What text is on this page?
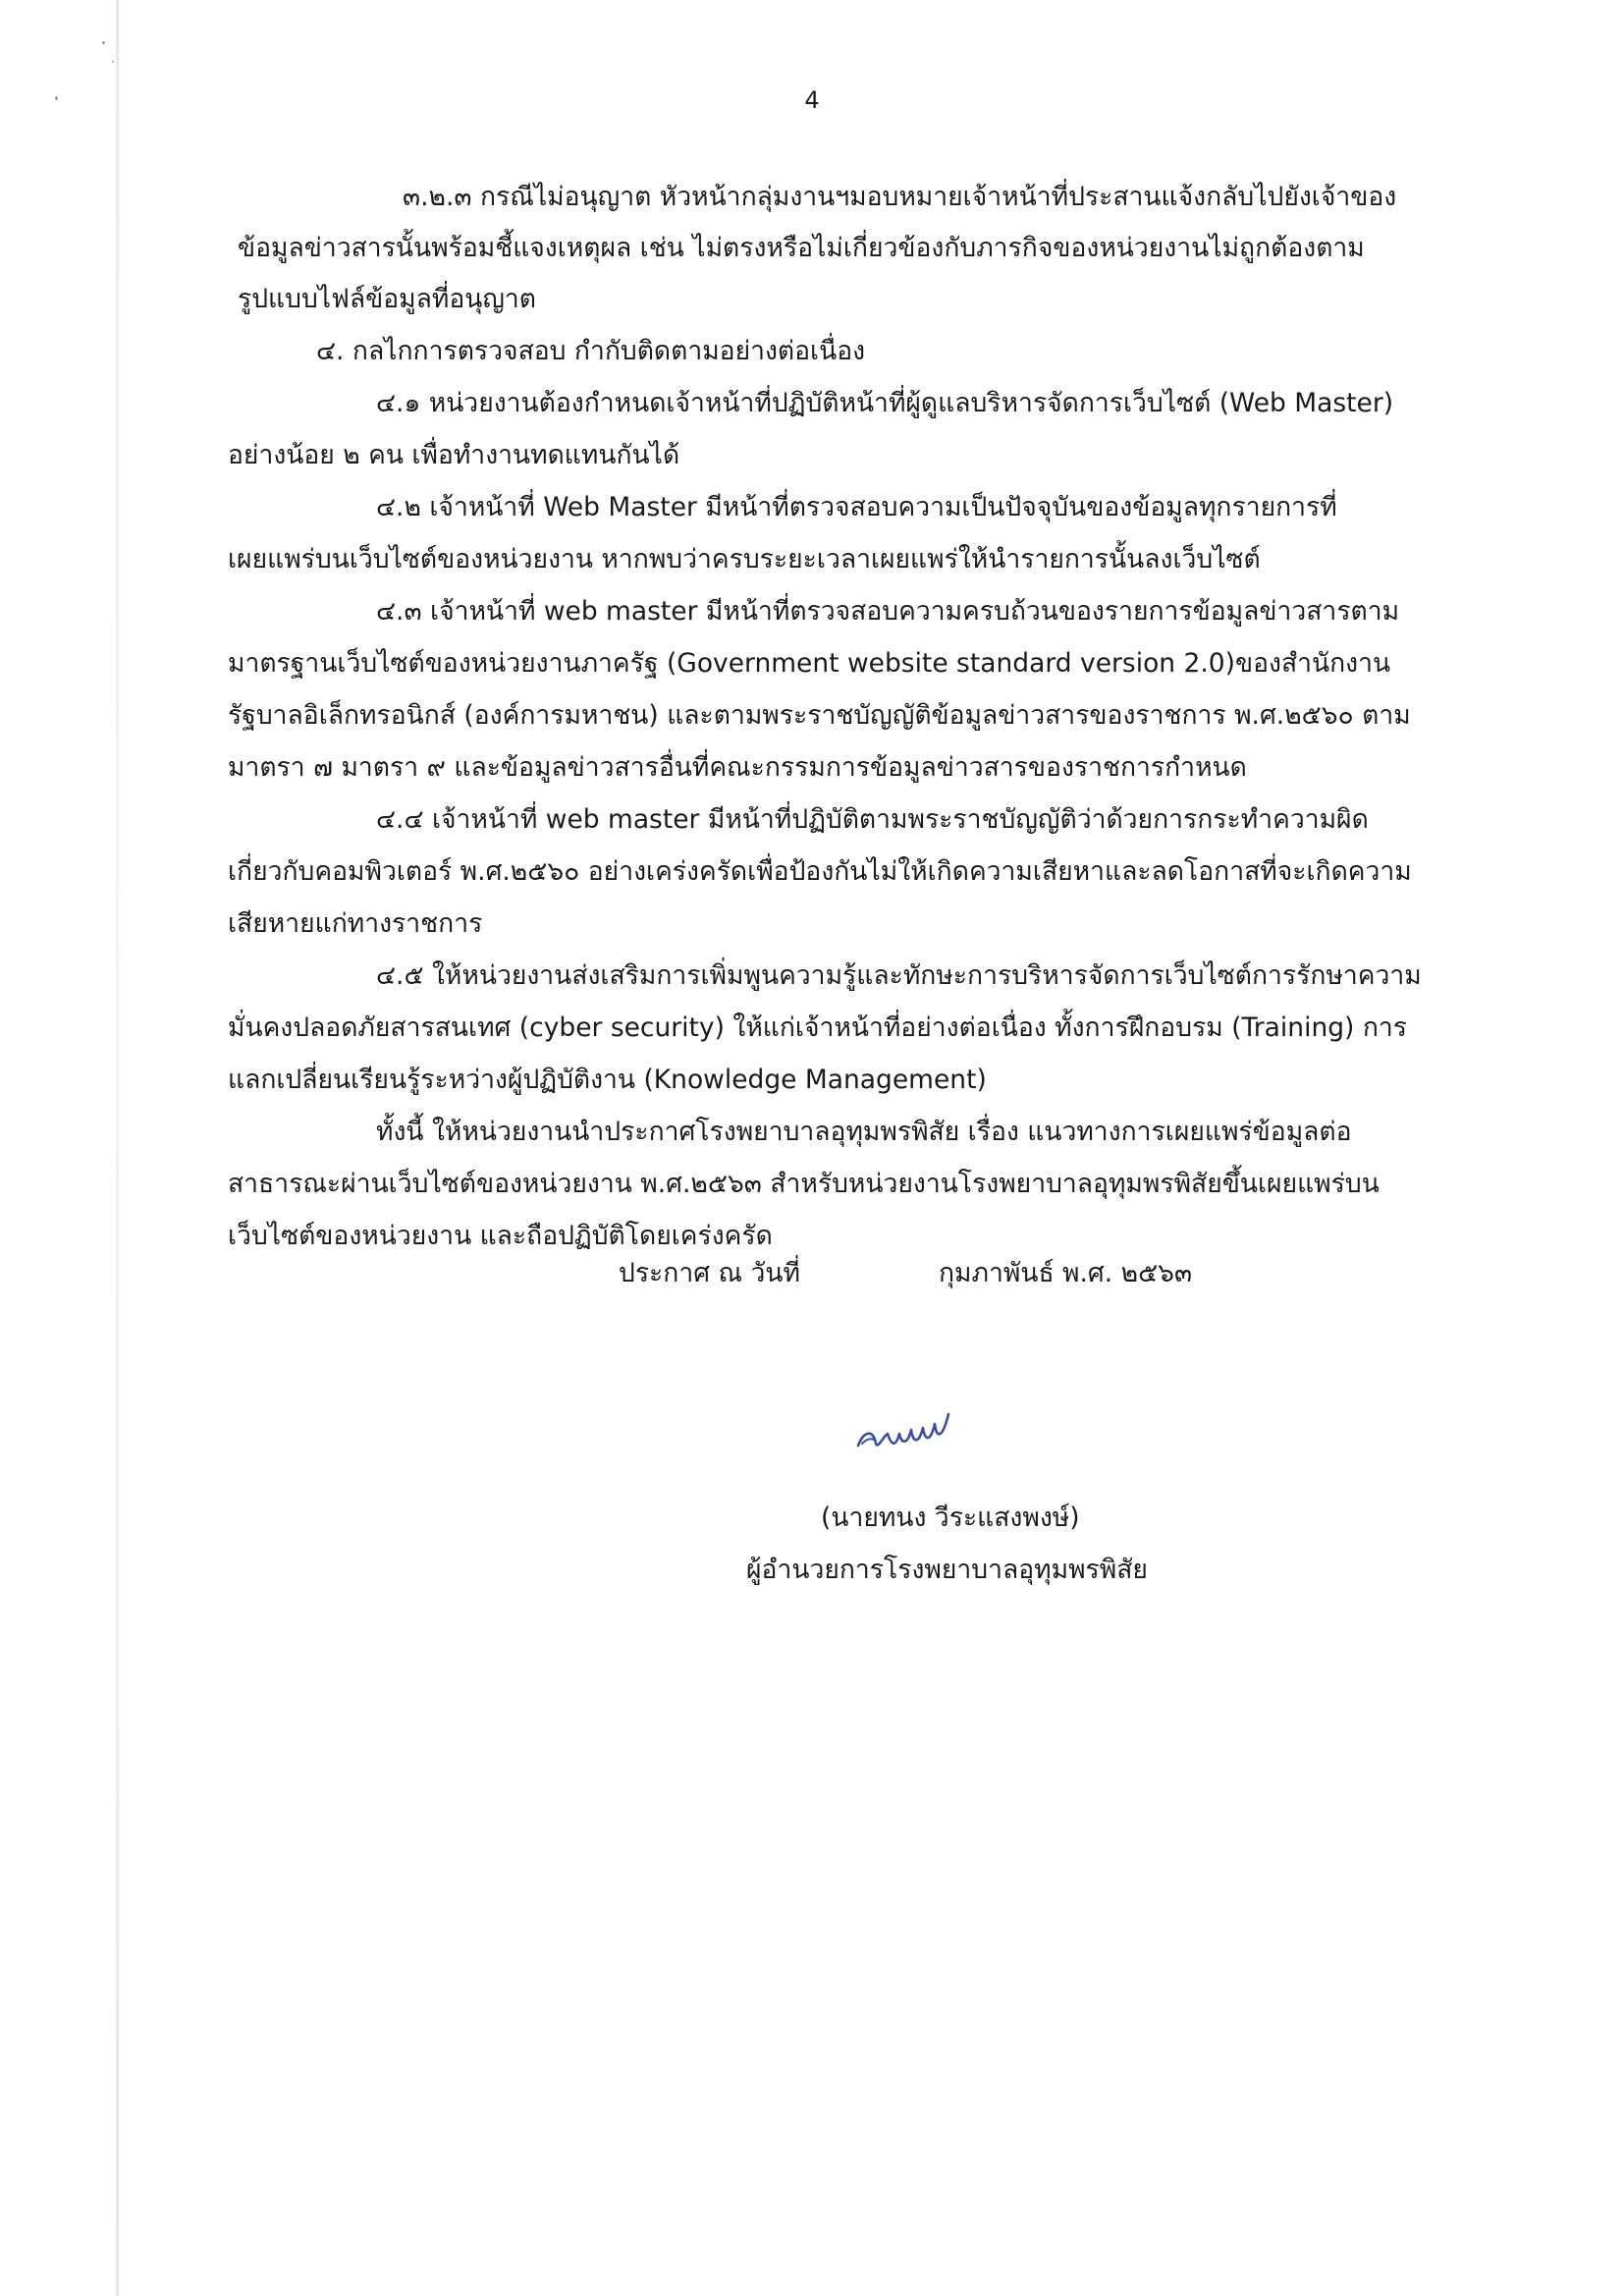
4
๓.๒.๓ กรณีไม่อนุญาต หัวหน้ากลุ่มงานฯมอบหมายเจ้าหน้าที่ประสานแจ้งกลับไปยังเจ้าของ
ข้อมูลข่าวสารนั้นพร้อมชี้แจงเหตุผล เช่น ไม่ตรงหรือไม่เกี่ยวข้องกับภารกิจของหน่วยงานไม่ถูกต้องตาม
รูปแบบไฟล์ข้อมูลที่อนุญาต
๔. กลไกการตรวจสอบ กำกับติดตามอย่างต่อเนื่อง
๔.๑ หน่วยงานต้องกำหนดเจ้าหน้าที่ปฏิบัติหน้าที่ผู้ดูแลบริหารจัดการเว็บไซต์ (Web Master)
อย่างน้อย ๒ คน เพื่อทำงานทดแทนกันได้
๔.๒ เจ้าหน้าที่ Web Master มีหน้าที่ตรวจสอบความเป็นปัจจุบันของข้อมูลทุกรายการที่
เผยแพร่บนเว็บไซต์ของหน่วยงาน หากพบว่าครบระยะเวลาเผยแพร่ให้นำรายการนั้นลงเว็บไซต์
๔.๓ เจ้าหน้าที่ web master มีหน้าที่ตรวจสอบความครบถ้วนของรายการข้อมูลข่าวสารตาม
มาตรฐานเว็บไซต์ของหน่วยงานภาครัฐ (Government website standard version 2.0)ของสำนักงาน
รัฐบาลอิเล็กทรอนิกส์ (องค์การมหาชน) และตามพระราชบัญญัติข้อมูลข่าวสารของราชการ พ.ศ.๒๕๖๐ ตาม
มาตรา ๗ มาตรา ๙ และข้อมูลข่าวสารอื่นที่คณะกรรมการข้อมูลข่าวสารของราชการกำหนด
๔.๔ เจ้าหน้าที่ web master มีหน้าที่ปฏิบัติตามพระราชบัญญัติว่าด้วยการกระทำความผิด
เกี่ยวกับคอมพิวเตอร์ พ.ศ.๒๕๖๐ อย่างเคร่งครัดเพื่อป้องกันไม่ให้เกิดความเสียหาและลดโอกาสที่จะเกิดความ
เสียหายแก่ทางราชการ
๔.๕ ให้หน่วยงานส่งเสริมการเพิ่มพูนความรู้และทักษะการบริหารจัดการเว็บไซต์การรักษาความ
มั่นคงปลอดภัยสารสนเทศ (cyber security) ให้แก่เจ้าหน้าที่อย่างต่อเนื่อง ทั้งการฝึกอบรม (Training) การ
แลกเปลี่ยนเรียนรู้ระหว่างผู้ปฏิบัติงาน (Knowledge Management)
ทั้งนี้ ให้หน่วยงานนำประกาศโรงพยาบาลอุทุมพรพิสัย เรื่อง แนวทางการเผยแพร่ข้อมูลต่อ
สาธารณะผ่านเว็บไซต์ของหน่วยงาน พ.ศ.๒๕๖๓ สำหรับหน่วยงานโรงพยาบาลอุทุมพรพิสัยขึ้นเผยแพร่บน
เว็บไซต์ของหน่วยงาน และถือปฏิบัติโดยเคร่งครัด
ประกาศ ณ วันที่	กุมภาพันธ์ พ.ศ. ๒๕๖๓
(นายทนง วีระแสงพงษ์)
ผู้อำนวยการโรงพยาบาลอุทุมพรพิสัย
